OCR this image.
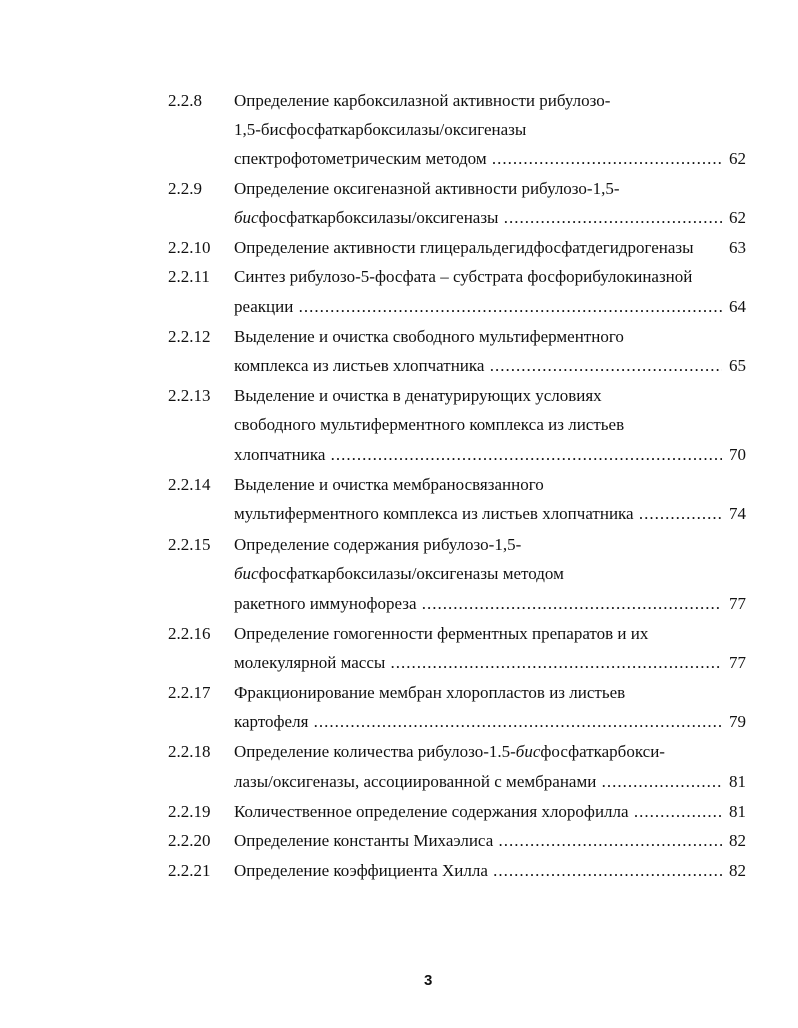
2.2.8 Определение карбоксилазной активности рибулозо-
1,5-бисфосфаткарбоксилазы/оксигеназы
спектрофотометрическим методом .....	62
2.2.9 Определение оксигеназной активности рибулозо-1,5-
бисфосфаткарбоксилазы/оксигеназы .....	62
2.2.10 Определение активности глицеральдегидфосфатдегидрогеназы	63
2.2.11 Синтез рибулозо-5-фосфата – субстрата фосфорибулокиназной
реакции .....	64
2.2.12 Выделение и очистка свободного мультиферментного
комплекса из листьев хлопчатника .....	65
2.2.13 Выделение и очистка в денатурирующих условиях
свободного мультиферментного комплекса из листьев
хлопчатника .....	70
2.2.14 Выделение и очистка мембраносвязанного
мультиферментного комплекса из листьев хлопчатника .....	74
2.2.15 Определение содержания рибулозо-1,5-
бисфосфаткарбоксилазы/оксигеназы методом
ракетного иммунофореза .....	77
2.2.16 Определение гомогенности ферментных препаратов и их
молекулярной массы .....	77
2.2.17 Фракционирование мембран хлоропластов из листьев
картофеля .....	79
2.2.18 Определение количества рибулозо-1.5-бисфосфаткарбокси-
лазы/оксигеназы, ассоциированной с мембранами .....	81
2.2.19 Количественное определение содержания хлорофилла .....	81
2.2.20 Определение константы Михаэлиса .....	82
2.2.21 Определение коэффициента Хилла .....	82
3
